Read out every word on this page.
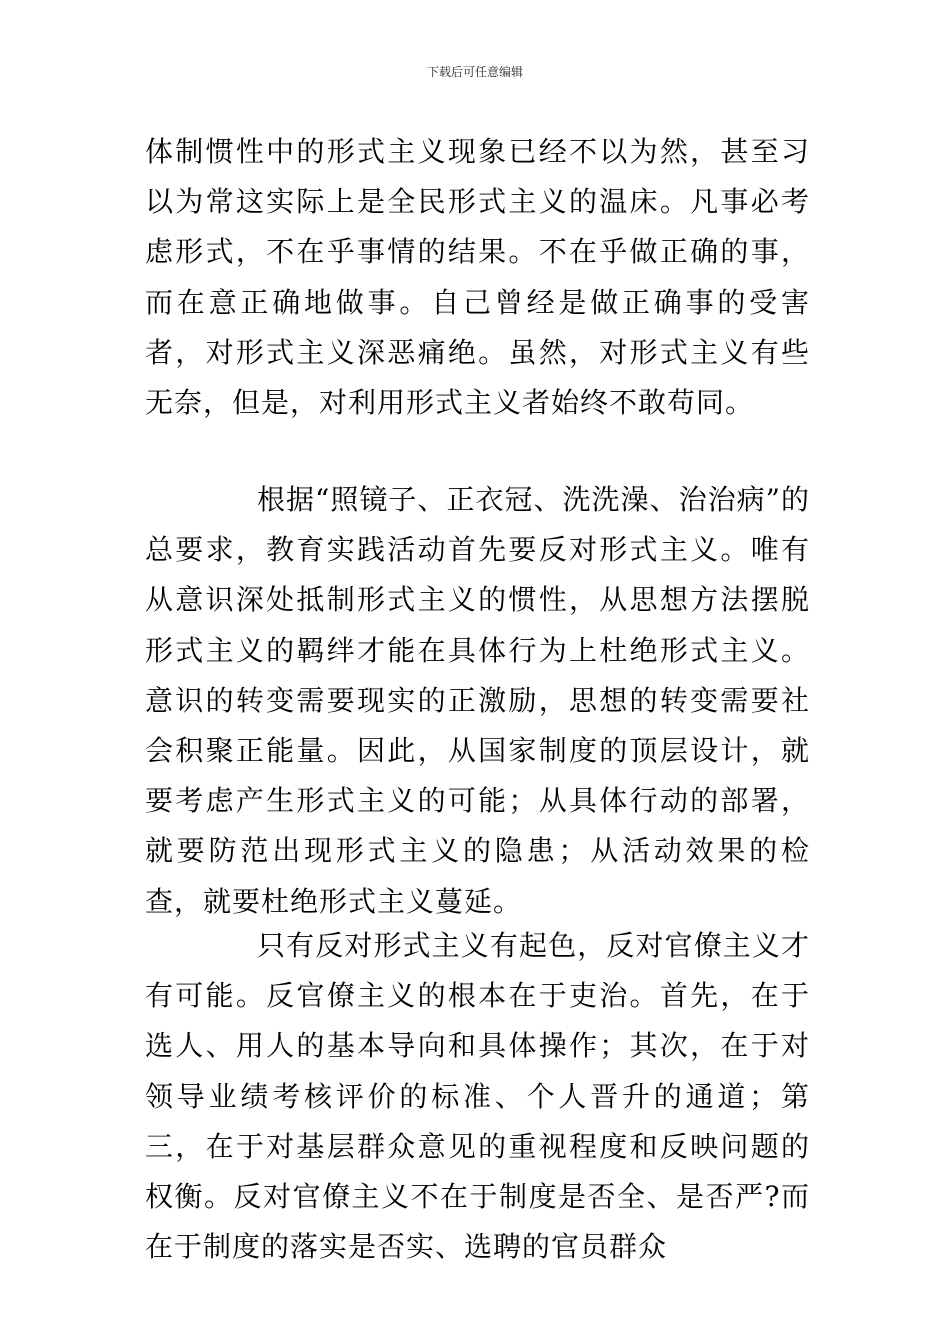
下载后可任意编辑

体制惯性中的形式主义现象已经不以为然，甚至习以为常这实际上是全民形式主义的温床。凡事必考虑形式，不在乎事情的结果。不在乎做正确的事，而在意正确地做事。自己曾经是做正确事的受害者，对形式主义深恶痛绝。虽然，对形式主义有些无奈，但是，对利用形式主义者始终不敢苟同。

根据“照镜子、正衣冠、洗洗澡、治治病”的总要求，教育实践活动首先要反对形式主义。唯有从意识深处抵制形式主义的惯性，从思想方法摆脱形式主义的羁绊才能在具体行为上杜绝形式主义。意识的转变需要现实的正激励，思想的转变需要社会积聚正能量。因此，从国家制度的顶层设计，就要考虑产生形式主义的可能；从具体行动的部署，就要防范出现形式主义的隐患；从活动效果的检查，就要杜绝形式主义蔓延。

只有反对形式主义有起色，反对官僚主义才有可能。反官僚主义的根本在于吏治。首先，在于选人、用人的基本导向和具体操作；其次，在于对领导业绩考核评价的标准、个人晋升的通道；第三，在于对基层群众意见的重视程度和反映问题的权衡。反对官僚主义不在于制度是否全、是否严?而在于制度的落实是否实、选聘的官员群众
